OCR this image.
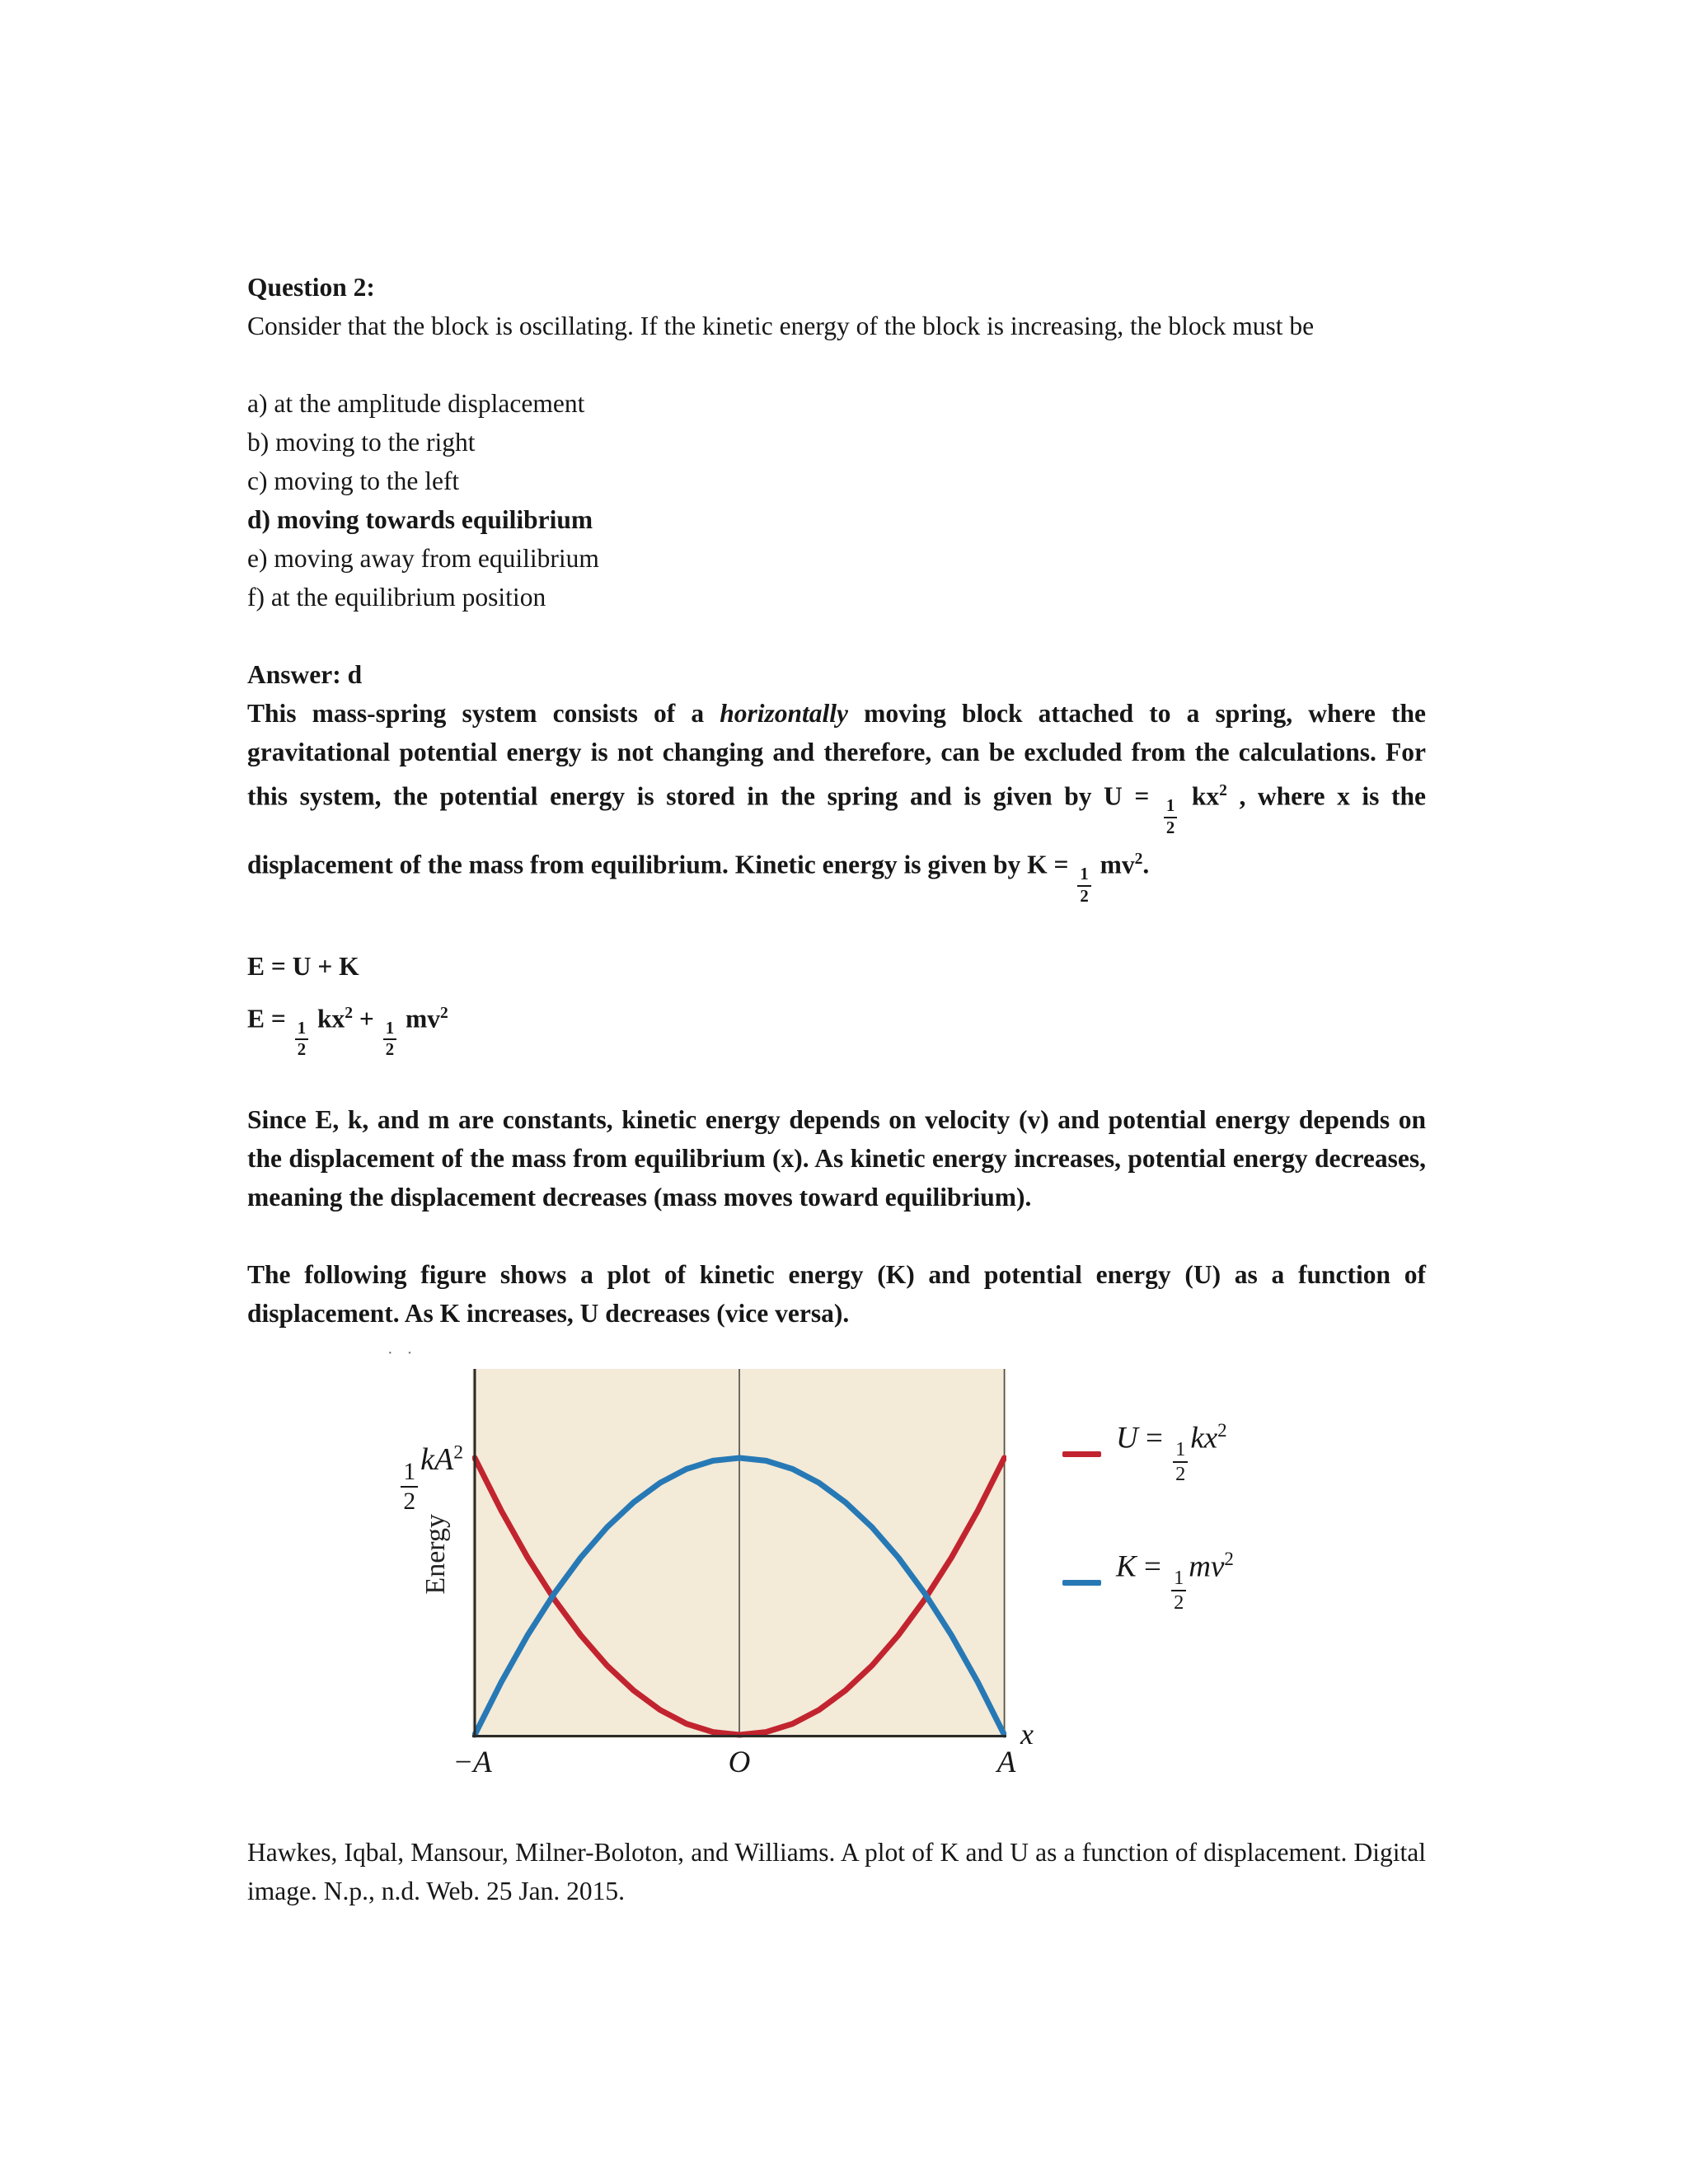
Question 2:

Consider that the block is oscillating. If the kinetic energy of the block is increasing, the block must be

a) at the amplitude displacement
b) moving to the right
c) moving to the left
d) moving towards equilibrium
e) moving away from equilibrium
f) at the equilibrium position
Answer: d

This mass-spring system consists of a horizontally moving block attached to a spring, where the gravitational potential energy is not changing and therefore, can be excluded from the calculations. For this system, the potential energy is stored in the spring and is given by U =
$\frac{1}{2}$
$kx^2$ , where x is the displacement of the mass from equilibrium. Kinetic energy is given by K =
$\frac{1}{2}$
$mv^2$.

E = U + K
E =
$\frac{1}{2}$
$kx^2$ +
$\frac{1}{2}$
$mv^2$

Since E, k, and m are constants, kinetic energy depends on velocity (v) and potential energy depends on the displacement of the mass from equilibrium (x). As kinetic energy increases, potential energy decreases, meaning the displacement decreases (mass moves toward equilibrium).

The following figure shows a plot of kinetic energy (K) and potential energy (U) as a function of displacement. As K increases, U decreases (vice versa).

· ·
$\frac{1}{2} kA^2$
Energy
−A	O	A
x
U =
$\frac{1}{2}$
$kx^2$
K =
$\frac{1}{2}$
$mv^2$

Hawkes, Iqbal, Mansour, Milner-Boloton, and Williams. A plot of K and U as a function of displacement. Digital image. N.p., n.d. Web. 25 Jan. 2015.
